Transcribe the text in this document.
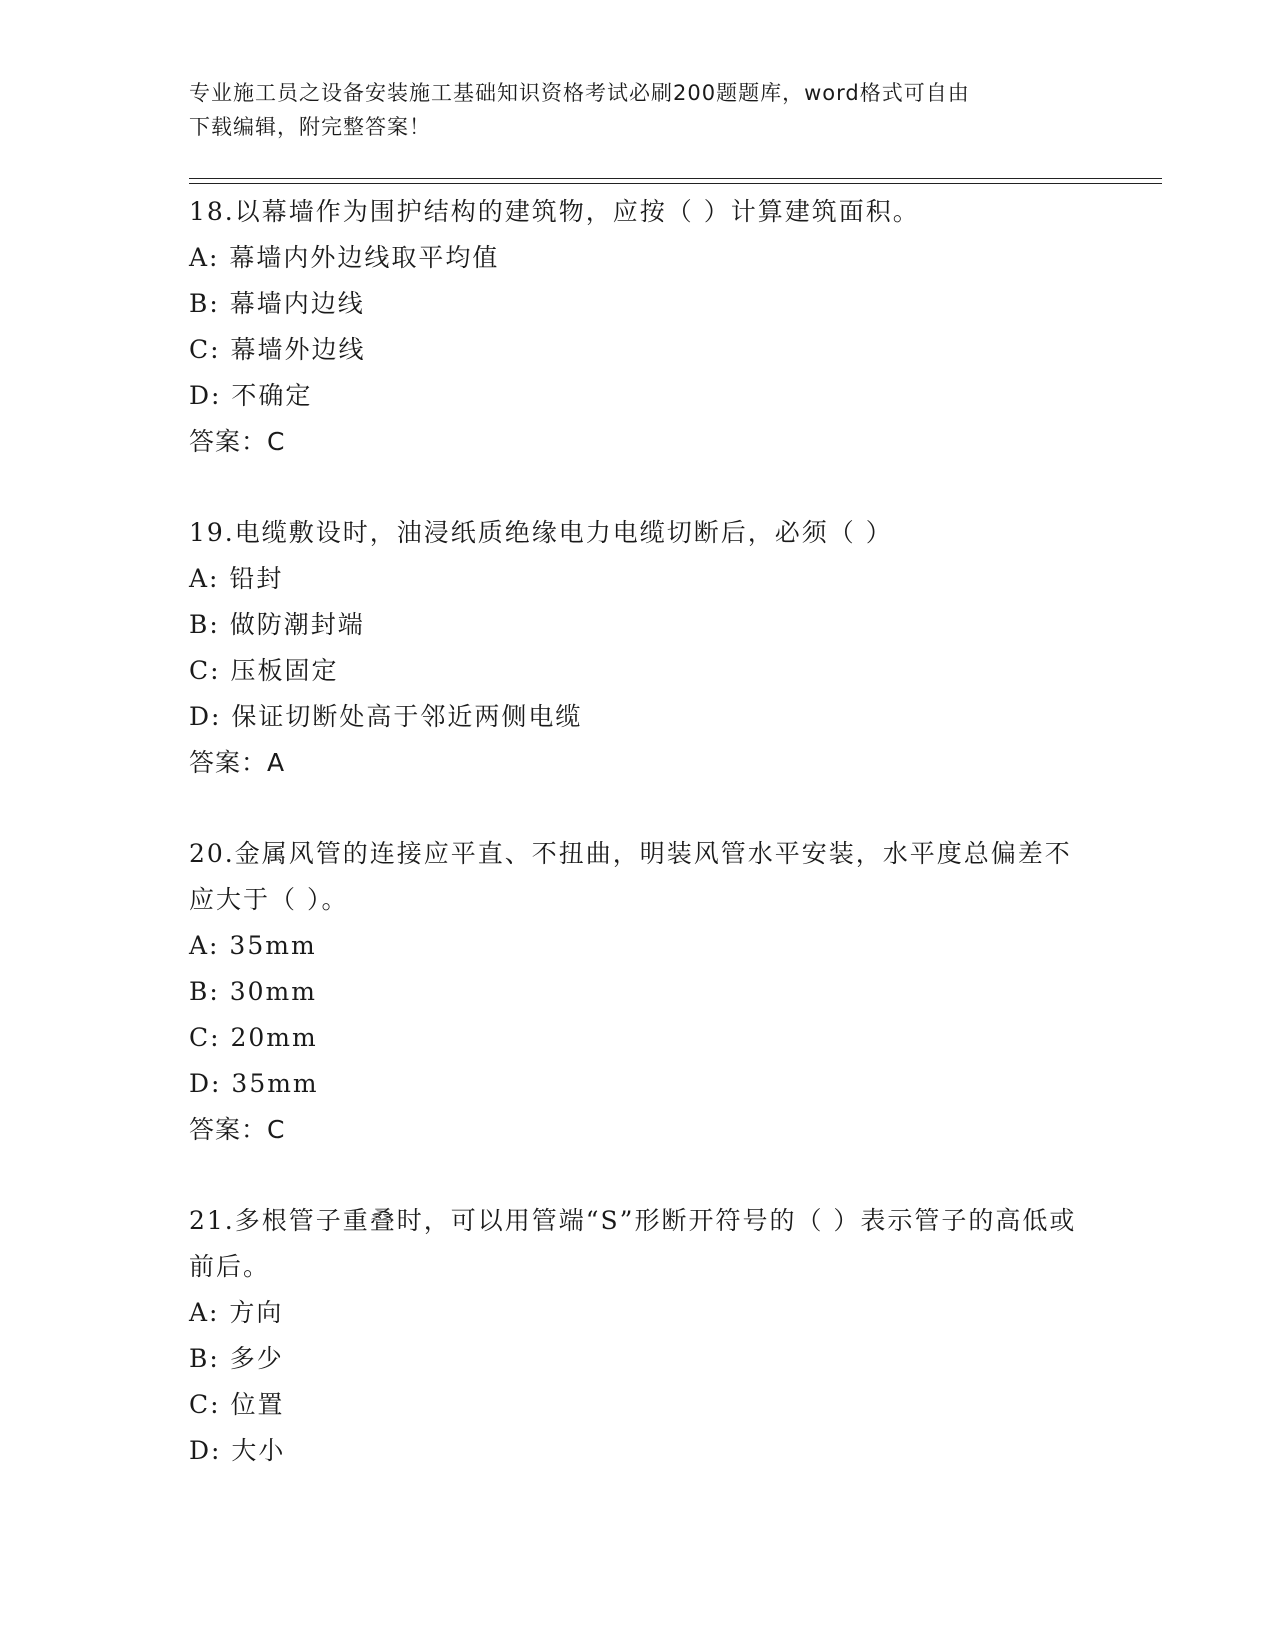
专业施工员之设备安装施工基础知识资格考试必刷200题题库，word格式可自由
下载编辑，附完整答案！
18.以幕墙作为围护结构的建筑物，应按（ ）计算建筑面积。
A: 幕墙内外边线取平均值
B: 幕墙内边线
C: 幕墙外边线
D: 不确定
答案：C
19.电缆敷设时，油浸纸质绝缘电力电缆切断后，必须（ ）
A: 铅封
B: 做防潮封端
C: 压板固定
D: 保证切断处高于邻近两侧电缆
答案：A
20.金属风管的连接应平直、不扭曲，明装风管水平安装，水平度总偏差不应大于（ ）。
A: 35mm
B: 30mm
C: 20mm
D: 35mm
答案：C
21.多根管子重叠时，可以用管端“S”形断开符号的（ ）表示管子的高低或前后。
A: 方向
B: 多少
C: 位置
D: 大小
